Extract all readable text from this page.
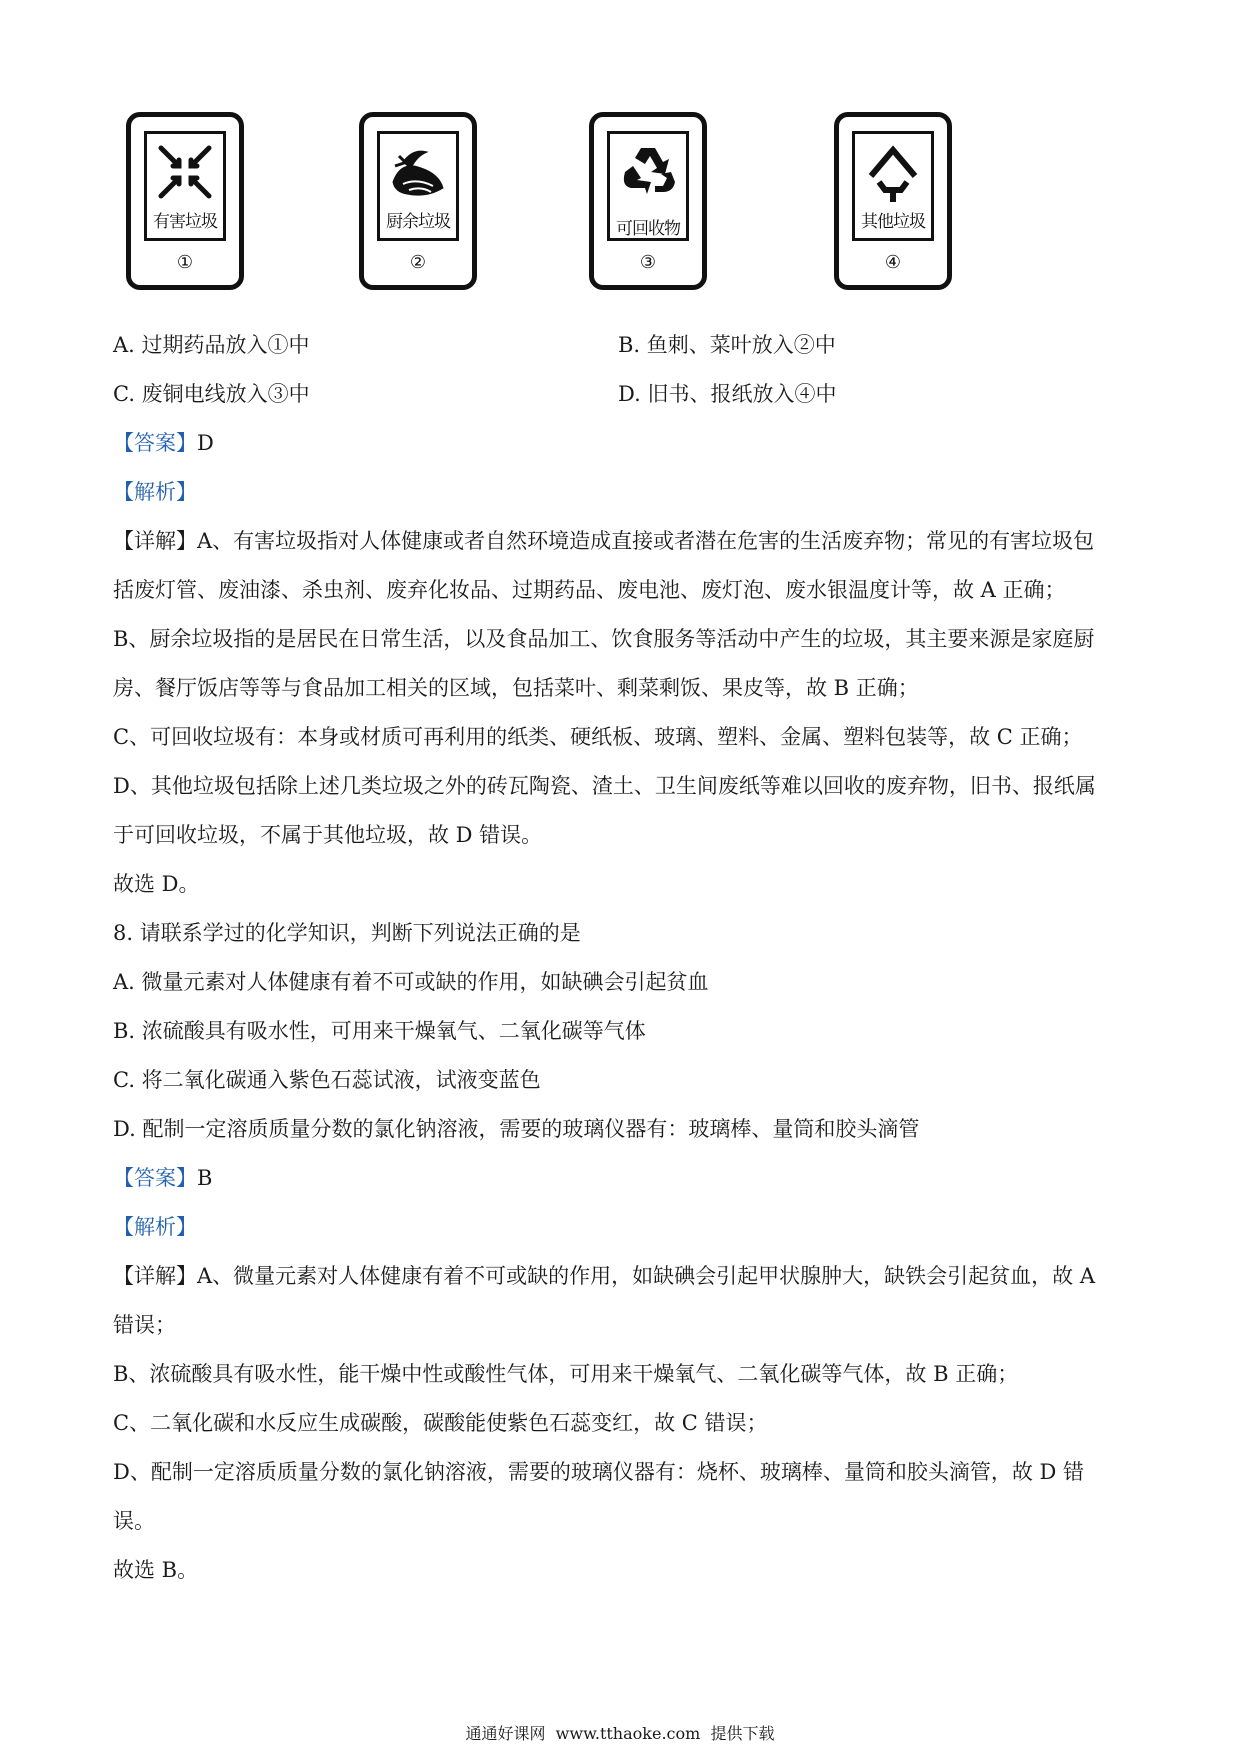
有害垃圾
①
厨余垃圾
②
可回收物
③
其他垃圾
④
A. 过期药品放入①中	B. 鱼刺、菜叶放入②中
C. 废铜电线放入③中	D. 旧书、报纸放入④中
【答案】D
【解析】
【详解】A、有害垃圾指对人体健康或者自然环境造成直接或者潜在危害的生活废弃物；常见的有害垃圾包
括废灯管、废油漆、杀虫剂、废弃化妆品、过期药品、废电池、废灯泡、废水银温度计等，故 A 正确；
B、厨余垃圾指的是居民在日常生活，以及食品加工、饮食服务等活动中产生的垃圾，其主要来源是家庭厨
房、餐厅饭店等等与食品加工相关的区域，包括菜叶、剩菜剩饭、果皮等，故 B 正确；
C、可回收垃圾有：本身或材质可再利用的纸类、硬纸板、玻璃、塑料、金属、塑料包装等，故 C 正确；
D、其他垃圾包括除上述几类垃圾之外的砖瓦陶瓷、渣土、卫生间废纸等难以回收的废弃物，旧书、报纸属
于可回收垃圾，不属于其他垃圾，故 D 错误。
故选 D。
8. 请联系学过的化学知识，判断下列说法正确的是
A. 微量元素对人体健康有着不可或缺的作用，如缺碘会引起贫血
B. 浓硫酸具有吸水性，可用来干燥氧气、二氧化碳等气体
C. 将二氧化碳通入紫色石蕊试液，试液变蓝色
D. 配制一定溶质质量分数的氯化钠溶液，需要的玻璃仪器有：玻璃棒、量筒和胶头滴管
【答案】B
【解析】
【详解】A、微量元素对人体健康有着不可或缺的作用，如缺碘会引起甲状腺肿大，缺铁会引起贫血，故 A
错误；
B、浓硫酸具有吸水性，能干燥中性或酸性气体，可用来干燥氧气、二氧化碳等气体，故 B 正确；
C、二氧化碳和水反应生成碳酸，碳酸能使紫色石蕊变红，故 C 错误；
D、配制一定溶质质量分数的氯化钠溶液，需要的玻璃仪器有：烧杯、玻璃棒、量筒和胶头滴管，故 D 错
误。
故选 B。
通通好课网  www.tthaoke.com  提供下载
